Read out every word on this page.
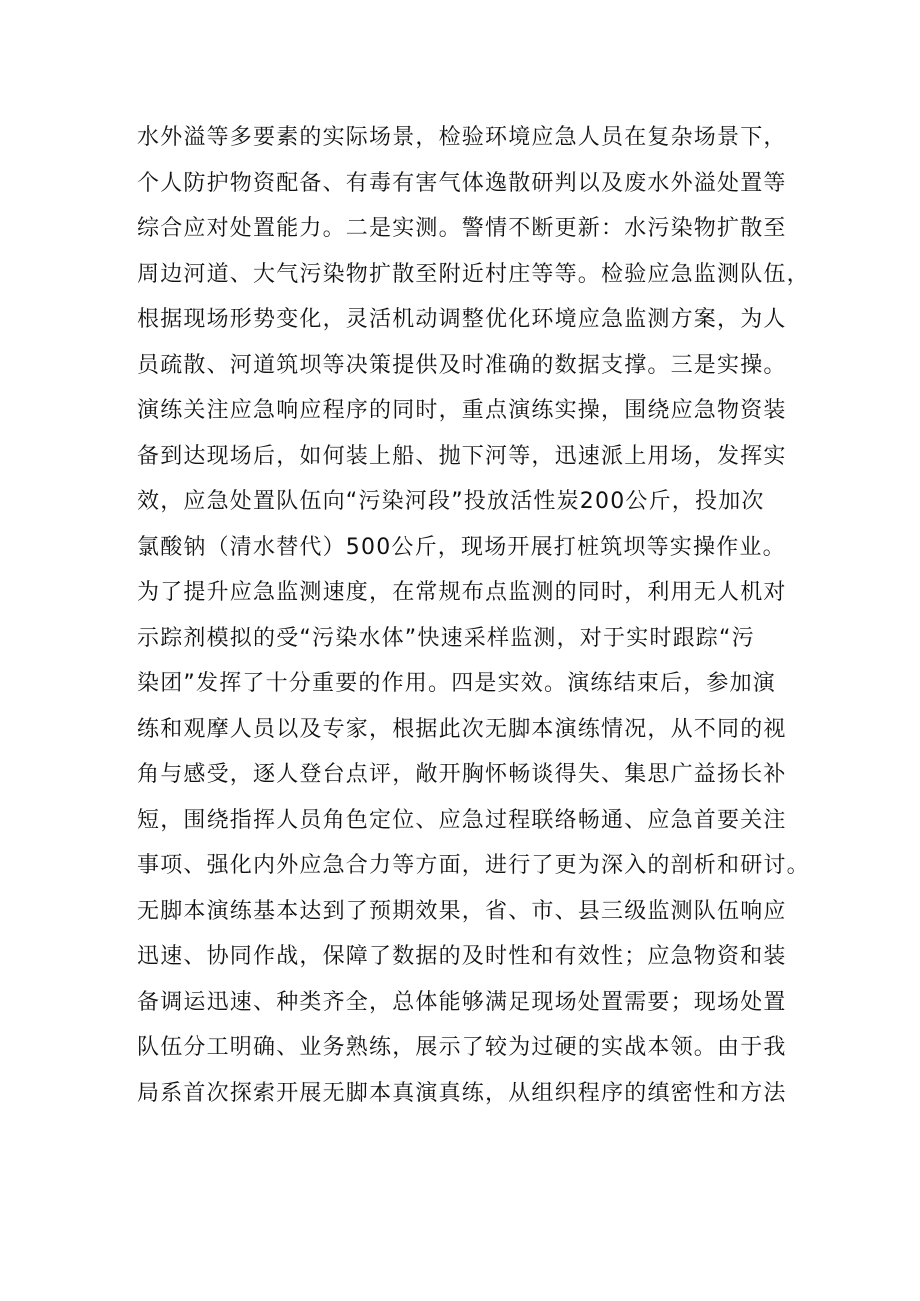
水外溢等多要素的实际场景，检验环境应急人员在复杂场景下，
个人防护物资配备、有毒有害气体逸散研判以及废水外溢处置等
综合应对处置能力。二是实测。警情不断更新：水污染物扩散至
周边河道、大气污染物扩散至附近村庄等等。检验应急监测队伍，
根据现场形势变化，灵活机动调整优化环境应急监测方案，为人
员疏散、河道筑坝等决策提供及时准确的数据支撑。三是实操。
演练关注应急响应程序的同时，重点演练实操，围绕应急物资装
备到达现场后，如何装上船、抛下河等，迅速派上用场，发挥实
效，应急处置队伍向“污染河段”投放活性炭200公斤，投加次
氯酸钠（清水替代）500公斤，现场开展打桩筑坝等实操作业。
为了提升应急监测速度，在常规布点监测的同时，利用无人机对
示踪剂模拟的受“污染水体”快速采样监测，对于实时跟踪“污
染团”发挥了十分重要的作用。四是实效。演练结束后，参加演
练和观摩人员以及专家，根据此次无脚本演练情况，从不同的视
角与感受，逐人登台点评，敞开胸怀畅谈得失、集思广益扬长补
短，围绕指挥人员角色定位、应急过程联络畅通、应急首要关注
事项、强化内外应急合力等方面，进行了更为深入的剖析和研讨。
无脚本演练基本达到了预期效果，省、市、县三级监测队伍响应
迅速、协同作战，保障了数据的及时性和有效性；应急物资和装
备调运迅速、种类齐全，总体能够满足现场处置需要；现场处置
队伍分工明确、业务熟练，展示了较为过硬的实战本领。由于我
局系首次探索开展无脚本真演真练，从组织程序的缜密性和方法
